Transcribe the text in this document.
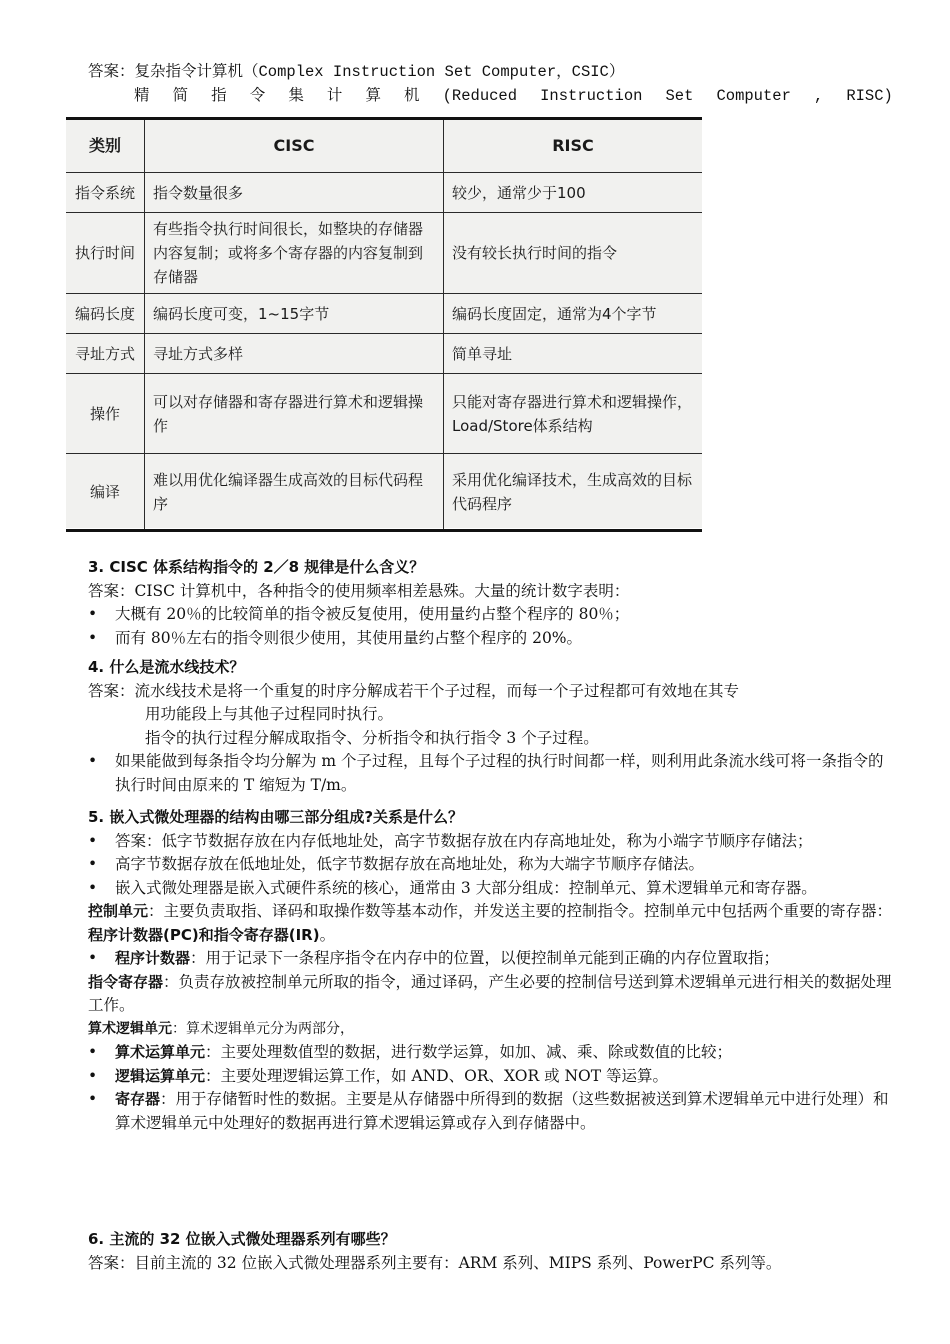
答案：复杂指令计算机（Complex Instruction Set Computer，CSIC）
精 简 指 令 集 计 算 机 (Reduced Instruction Set Computer , RISC)
类别	CISC	RISC
指令系统	指令数量很多	较少，通常少于100
执行时间	有些指令执行时间很长，如整块的存储器内容复制；或将多个寄存器的内容复制到存储器	没有较长执行时间的指令
编码长度	编码长度可变，1~15字节	编码长度固定，通常为4个字节
寻址方式	寻址方式多样	简单寻址
操作	可以对存储器和寄存器进行算术和逻辑操作	只能对寄存器进行算术和逻辑操作，Load/Store体系结构
编译	难以用优化编译器生成高效的目标代码程序	采用优化编译技术，生成高效的目标代码程序
3. CISC 体系结构指令的 2／8 规律是什么含义？
答案：CISC 计算机中，各种指令的使用频率相差悬殊。大量的统计数字表明：
• 大概有 20％的比较简单的指令被反复使用，使用量约占整个程序的 80％；
• 而有 80％左右的指令则很少使用，其使用量约占整个程序的 20%。
4. 什么是流水线技术？
答案：流水线技术是将一个重复的时序分解成若干个子过程，而每一个子过程都可有效地在其专
用功能段上与其他子过程同时执行。
指令的执行过程分解成取指令、分析指令和执行指令 3 个子过程。
• 如果能做到每条指令均分解为 m 个子过程，且每个子过程的执行时间都一样，则利用此条流水线可将一条指令的执行时间由原来的 T 缩短为 T/m。
5. 嵌入式微处理器的结构由哪三部分组成?关系是什么？
• 答案：低字节数据存放在内存低地址处，高字节数据存放在内存高地址处，称为小端字节顺序存储法；
• 高字节数据存放在低地址处，低字节数据存放在高地址处，称为大端字节顺序存储法。
• 嵌入式微处理器是嵌入式硬件系统的核心，通常由 3 大部分组成：控制单元、算术逻辑单元和寄存器。
控制单元：主要负责取指、译码和取操作数等基本动作，并发送主要的控制指令。控制单元中包括两个重要的寄存器：程序计数器(PC)和指令寄存器(IR)。
• 程序计数器：用于记录下一条程序指令在内存中的位置，以便控制单元能到正确的内存位置取指；
指令寄存器：负责存放被控制单元所取的指令，通过译码，产生必要的控制信号送到算术逻辑单元进行相关的数据处理工作。
算术逻辑单元：算术逻辑单元分为两部分，
• 算术运算单元：主要处理数值型的数据，进行数学运算，如加、减、乘、除或数值的比较；
• 逻辑运算单元：主要处理逻辑运算工作，如 AND、OR、XOR 或 NOT 等运算。
• 寄存器：用于存储暂时性的数据。主要是从存储器中所得到的数据（这些数据被送到算术逻辑单元中进行处理）和算术逻辑单元中处理好的数据再进行算术逻辑运算或存入到存储器中。
6. 主流的 32 位嵌入式微处理器系列有哪些？
答案：目前主流的 32 位嵌入式微处理器系列主要有：ARM 系列、MIPS 系列、PowerPC 系列等。
